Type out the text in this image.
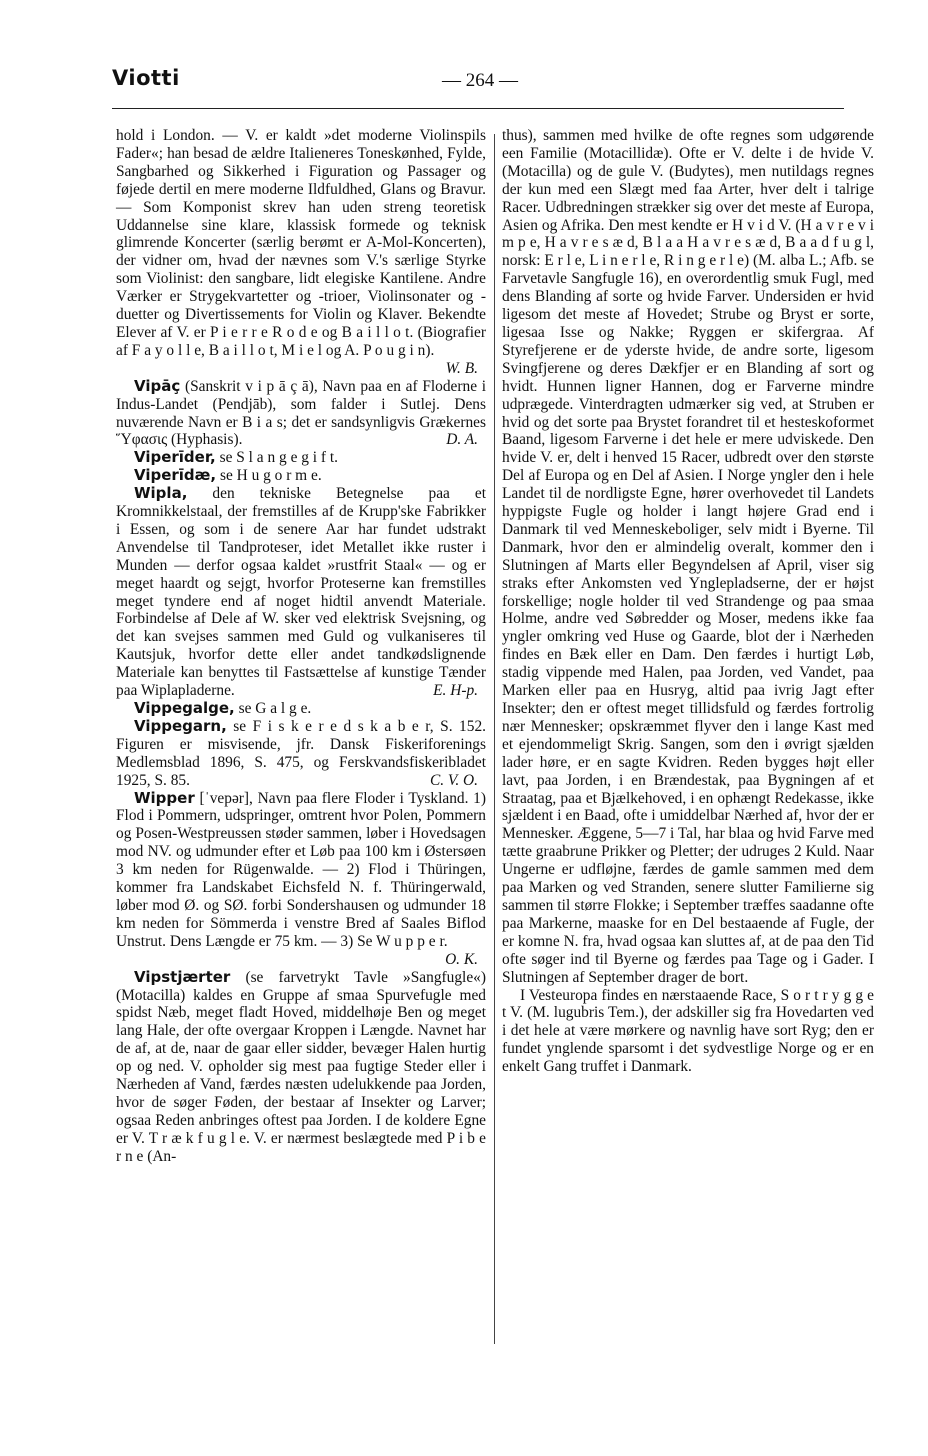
Viotti	— 264 —

hold i London. — V. er kaldt »det moderne Violinspils Fader«; han besad de ældre Italieneres Toneskønhed, Fylde, Sangbarhed og Sikkerhed i Figuration og Passager og føjede dertil en mere moderne Ildfuldhed, Glans og Bravur. — Som Komponist skrev han uden streng teoretisk Uddannelse sine klare, klassisk formede og teknisk glimrende Koncerter (særlig berømt er A-Mol-Koncerten), der vidner om, hvad der nævnes som V.'s særlige Styrke som Violinist: den sangbare, lidt elegiske Kantilene. Andre Værker er Strygekvartetter og -trioer, Violinsonater og -duetter og Divertissements for Violin og Klaver. Bekendte Elever af V. er P i e r r e R o d e og B a i l l o t. (Biografier af F a y o l l e, B a i l l o t, M i e l og A. P o u g i n).
W. B.

Vipāç (Sanskrit v i p ā ç ā), Navn paa en af Floderne i Indus-Landet (Pendjāb), som falder i Sutlej. Dens nuværende Navn er B i a s; det er sandsynligvis Grækernes Ὕφασις (Hyphasis).	D. A.

Viperīder, se S l a n g e g i f t.

Viperīdæ, se H u g o r m e.

Wipla, den tekniske Betegnelse paa et Kromnikkelstaal, der fremstilles af de Krupp'ske Fabrikker i Essen, og som i de senere Aar har fundet udstrakt Anvendelse til Tandproteser, idet Metallet ikke ruster i Munden — derfor ogsaa kaldet »rustfrit Staal« — og er meget haardt og sejgt, hvorfor Proteserne kan fremstilles meget tyndere end af noget hidtil anvendt Materiale. Forbindelse af Dele af W. sker ved elektrisk Svejsning, og det kan svejses sammen med Guld og vulkaniseres til Kautsjuk, hvorfor dette eller andet tandkødslignende Materiale kan benyttes til Fastsættelse af kunstige Tænder paa Wiplapladerne.	E. H-p.

Vippegalge, se G a l g e.

Vippegarn, se F i s k e r e d s k a b e r, S. 152. Figuren er misvisende, jfr. Dansk Fiskeriforenings Medlemsblad 1896, S. 475, og Ferskvandsfiskeribladet 1925, S. 85.	C. V. O.

Wipper [ˈvepər], Navn paa flere Floder i Tyskland. 1) Flod i Pommern, udspringer, omtrent hvor Polen, Pommern og Posen-Westpreussen støder sammen, løber i Hovedsagen mod NV. og udmunder efter et Løb paa 100 km i Østersøen 3 km neden for Rügenwalde. — 2) Flod i Thüringen, kommer fra Landskabet Eichsfeld N. f. Thüringerwald, løber mod Ø. og SØ. forbi Sondershausen og udmunder 18 km neden for Sömmerda i venstre Bred af Saales Biflod Unstrut. Dens Længde er 75 km. — 3) Se W u p p e r.
O. K.

Vipstjærter (se farvetrykt Tavle »Sangfugle«) (Motacilla) kaldes en Gruppe af smaa Spurvefugle med spidst Næb, meget fladt Hoved, middelhøje Ben og meget lang Hale, der ofte overgaar Kroppen i Længde. Navnet har de af, at de, naar de gaar eller sidder, bevæger Halen hurtig op og ned. V. opholder sig mest paa fugtige Steder eller i Nærheden af Vand, færdes næsten udelukkende paa Jorden, hvor de søger Føden, der bestaar af Insekter og Larver; ogsaa Reden anbringes oftest paa Jorden. I de koldere Egne er V. T r æ k f u g l e. V. er nærmest beslægtede med P i b e r n e (An-

thus), sammen med hvilke de ofte regnes som udgørende een Familie (Motacillidæ). Ofte er V. delte i de hvide V. (Motacilla) og de gule V. (Budytes), men nutildags regnes der kun med een Slægt med faa Arter, hver delt i talrige Racer. Udbredningen strækker sig over det meste af Europa, Asien og Afrika. Den mest kendte er H v i d V. (H a v r e v i m p e, H a v r e s æ d, B l a a H a v r e s æ d, B a a d f u g l, norsk: E r l e, L i n e r l e, R i n g e r l e) (M. alba L.; Afb. se Farvetavle Sangfugle 16), en overordentlig smuk Fugl, med dens Blanding af sorte og hvide Farver. Undersiden er hvid ligesom det meste af Hovedet; Strube og Bryst er sorte, ligesaa Isse og Nakke; Ryggen er skifergraa. Af Styrefjerene er de yderste hvide, de andre sorte, ligesom Svingfjerene og deres Dækfjer er en Blanding af sort og hvidt. Hunnen ligner Hannen, dog er Farverne mindre udprægede. Vinterdragten udmærker sig ved, at Struben er hvid og det sorte paa Brystet forandret til et hesteskoformet Baand, ligesom Farverne i det hele er mere udviskede. Den hvide V. er, delt i henved 15 Racer, udbredt over den største Del af Europa og en Del af Asien. I Norge yngler den i hele Landet til de nordligste Egne, hører overhovedet til Landets hyppigste Fugle og holder i langt højere Grad end i Danmark til ved Menneskeboliger, selv midt i Byerne. Til Danmark, hvor den er almindelig overalt, kommer den i Slutningen af Marts eller Begyndelsen af April, viser sig straks efter Ankomsten ved Ynglepladserne, der er højst forskellige; nogle holder til ved Strandenge og paa smaa Holme, andre ved Søbredder og Moser, medens ikke faa yngler omkring ved Huse og Gaarde, blot der i Nærheden findes en Bæk eller en Dam. Den færdes i hurtigt Løb, stadig vippende med Halen, paa Jorden, ved Vandet, paa Marken eller paa en Husryg, altid paa ivrig Jagt efter Insekter; den er oftest meget tillidsfuld og færdes fortrolig nær Mennesker; opskræmmet flyver den i lange Kast med et ejendommeligt Skrig. Sangen, som den i øvrigt sjælden lader høre, er en sagte Kvidren. Reden bygges højt eller lavt, paa Jorden, i en Brændestak, paa Bygningen af et Straatag, paa et Bjælkehoved, i en ophængt Redekasse, ikke sjældent i en Baad, ofte i umiddelbar Nærhed af, hvor der er Mennesker. Æggene, 5—7 i Tal, har blaa og hvid Farve med tætte graabrune Prikker og Pletter; der udruges 2 Kuld. Naar Ungerne er udfløjne, færdes de gamle sammen med dem paa Marken og ved Stranden, senere slutter Familierne sig sammen til større Flokke; i September træffes saadanne ofte paa Markerne, maaske for en Del bestaaende af Fugle, der er komne N. fra, hvad ogsaa kan sluttes af, at de paa den Tid ofte søger ind til Byerne og færdes paa Tage og i Gader. I Slutningen af September drager de bort.

I Vesteuropa findes en nærstaaende Race, S o r t r y g g e t V. (M. lugubris Tem.), der adskiller sig fra Hovedarten ved i det hele at være mørkere og navnlig have sort Ryg; den er fundet ynglende sparsomt i det sydvestlige Norge og er en enkelt Gang truffet i Danmark.
